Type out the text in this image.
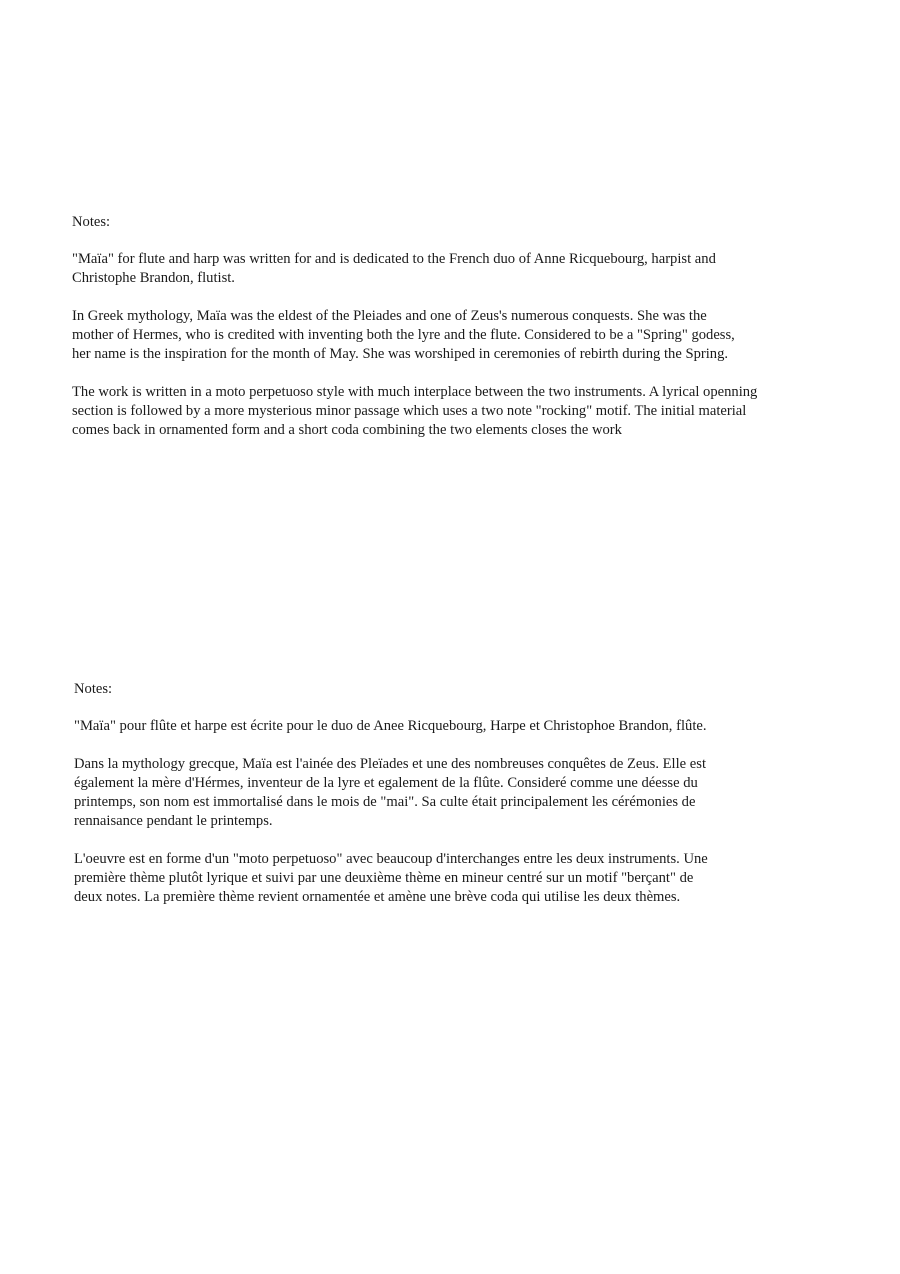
Notes:

"Maïa" for flute and harp was written for and is dedicated to the French duo of Anne Ricquebourg, harpist and
Christophe Brandon, flutist.

In Greek mythology, Maïa was the eldest of the Pleiades and one of Zeus's numerous conquests. She was the
mother of Hermes, who is credited with inventing both the lyre and the flute. Considered to be a "Spring" godess,
her name is the inspiration for the month of May. She was worshiped in ceremonies of rebirth during the Spring.

The work is written in a moto perpetuoso style with much interplace between the two instruments. A lyrical openning
section is followed by a more mysterious minor passage which uses a two note "rocking" motif. The initial material
comes back in ornamented form and a short coda combining the two elements closes the work

Notes:

"Maïa" pour flûte et harpe est écrite pour le duo de Anee Ricquebourg, Harpe et Christophoe Brandon, flûte.

Dans la mythology grecque, Maïa est l'ainée des Pleïades et une des nombreuses conquêtes de Zeus. Elle est
également la mère d'Hérmes, inventeur de la lyre et egalement de la flûte. Consideré comme une déesse du
printemps, son nom est immortalisé dans le mois de "mai". Sa culte était principalement les cérémonies de
rennaisance pendant le printemps.

L'oeuvre est en forme d'un "moto perpetuoso" avec beaucoup d'interchanges entre les deux instruments. Une
première thème plutôt lyrique et suivi par une deuxième thème en mineur centré sur un motif "berçant" de
deux notes. La première thème revient ornamentée et amène une brève coda qui utilise les deux thèmes.
